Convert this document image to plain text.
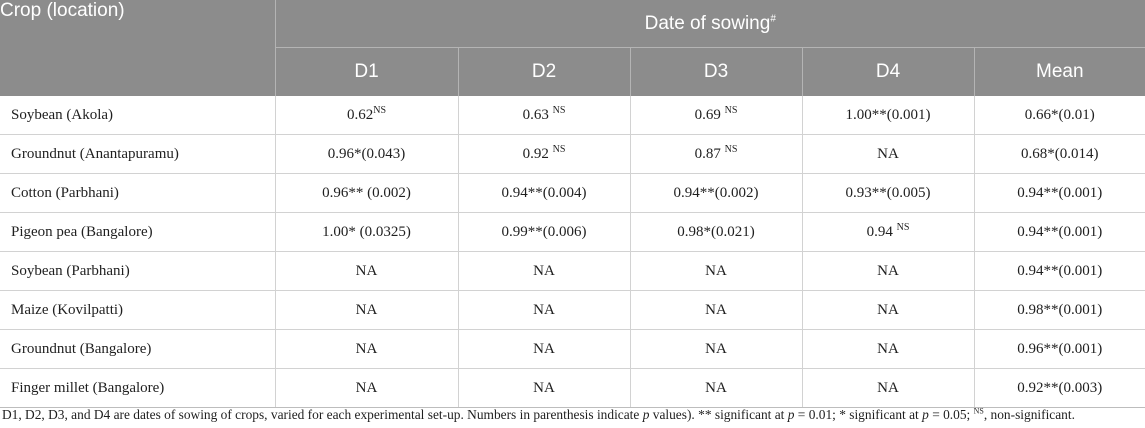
Crop (location)	Date of sowing#
	D1	D2	D3	D4	Mean
Soybean (Akola)	$0.62^{NS}$	0.63 $^{NS}$	0.69 $^{NS}$	1.00**(0.001)	0.66*(0.01)
Groundnut (Anantapuramu)	0.96*(0.043)	0.92 $^{NS}$	0.87 $^{NS}$	NA	0.68*(0.014)
Cotton (Parbhani)	0.96** (0.002)	0.94**(0.004)	0.94**(0.002)	0.93**(0.005)	0.94**(0.001)
Pigeon pea (Bangalore)	1.00* (0.0325)	0.99**(0.006)	0.98*(0.021)	0.94 $^{NS}$	0.94**(0.001)
Soybean (Parbhani)	NA	NA	NA	NA	0.94**(0.001)
Maize (Kovilpatti)	NA	NA	NA	NA	0.98**(0.001)
Groundnut (Bangalore)	NA	NA	NA	NA	0.96**(0.001)
Finger millet (Bangalore)	NA	NA	NA	NA	0.92**(0.003)

D1, D2, D3, and D4 are dates of sowing of crops, varied for each experimental set-up. Numbers in parenthesis indicate p values). ** significant at p = 0.01; * significant at p = 0.05; $^{NS}$, non-significant.
